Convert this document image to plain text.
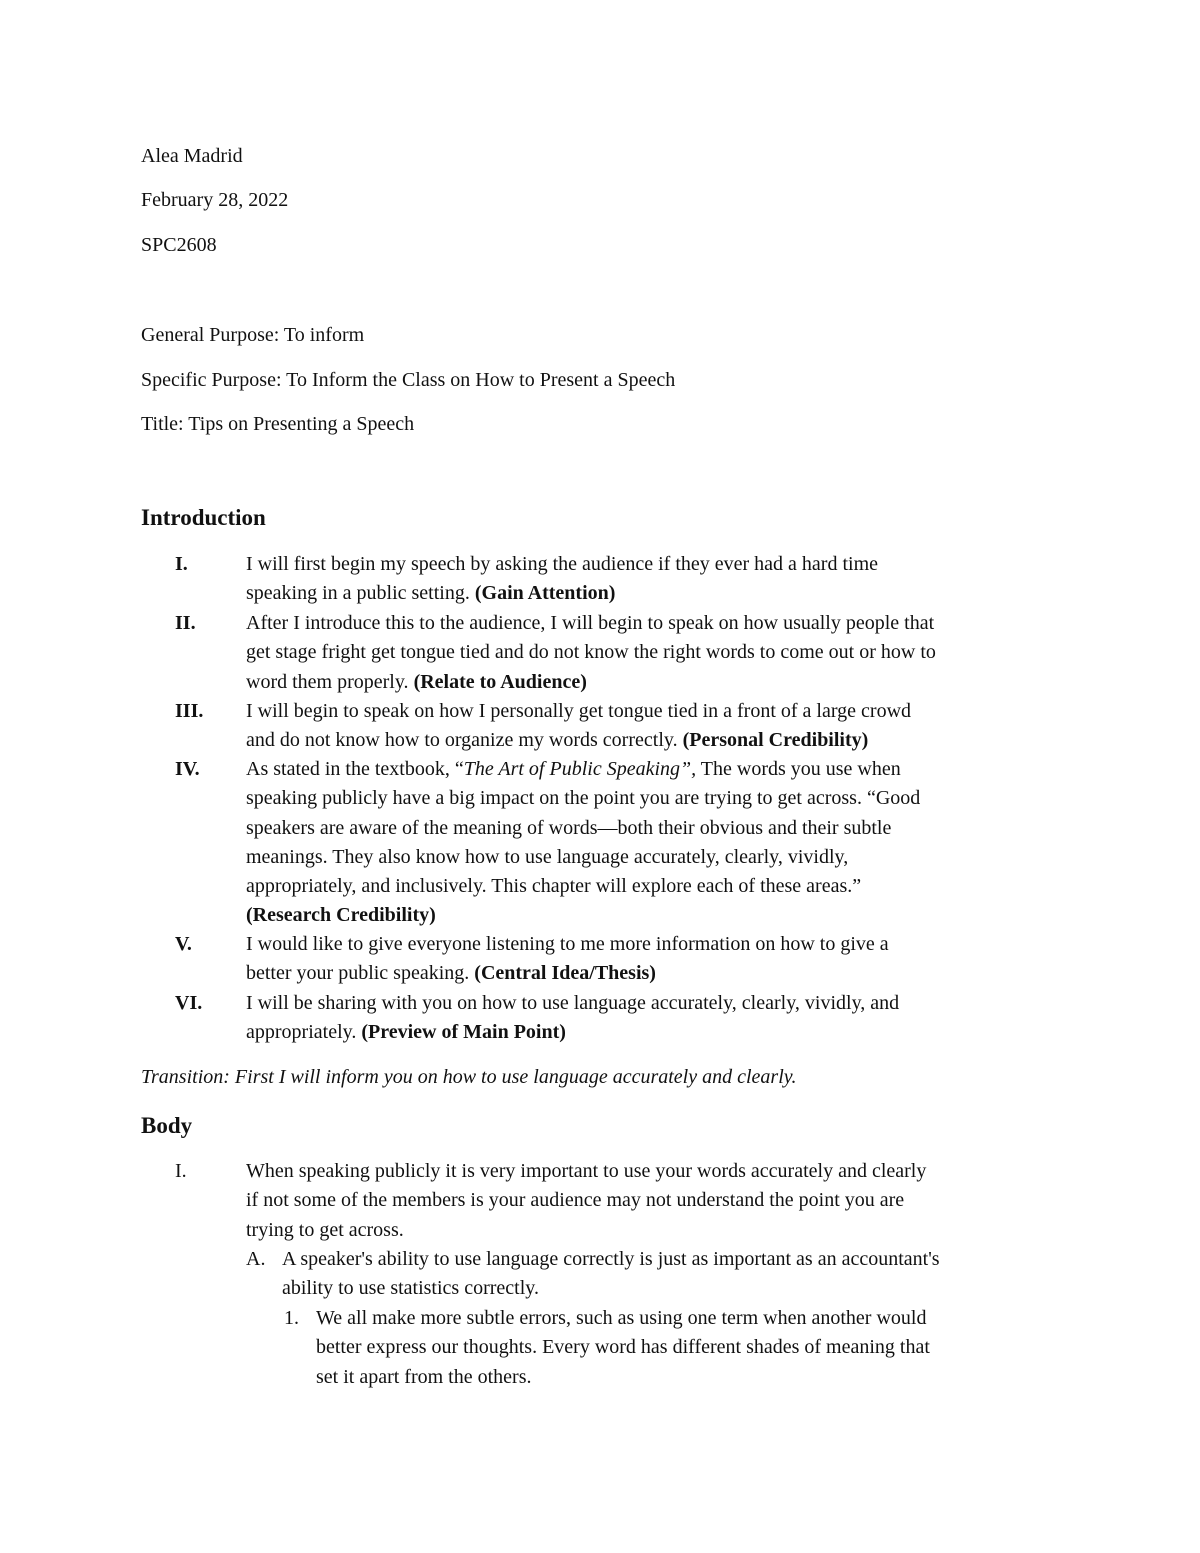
Alea Madrid
February 28, 2022
SPC2608
General Purpose: To inform
Specific Purpose: To Inform the Class on How to Present a Speech
Title: Tips on Presenting a Speech
Introduction
I.	I will first begin my speech by asking the audience if they ever had a hard time
speaking in a public setting. (Gain Attention)
II.	After I introduce this to the audience, I will begin to speak on how usually people that
get stage fright get tongue tied and do not know the right words to come out or how to
word them properly. (Relate to Audience)
III. I will begin to speak on how I personally get tongue tied in a front of a large crowd
and do not know how to organize my words correctly. (Personal Credibility)
IV. As stated in the textbook, “The Art of Public Speaking”, The words you use when
speaking publicly have a big impact on the point you are trying to get across. “Good
speakers are aware of the meaning of words—both their obvious and their subtle
meanings. They also know how to use language accurately, clearly, vividly,
appropriately, and inclusively. This chapter will explore each of these areas.”
(Research Credibility)
V.	I would like to give everyone listening to me more information on how to give a
better your public speaking. (Central Idea/Thesis)
VI. I will be sharing with you on how to use language accurately, clearly, vividly, and
appropriately. (Preview of Main Point)
Transition: First I will inform you on how to use language accurately and clearly.
Body
I.	When speaking publicly it is very important to use your words accurately and clearly
if not some of the members is your audience may not understand the point you are
trying to get across.
A. A speaker's ability to use language correctly is just as important as an accountant's
ability to use statistics correctly.
1. We all make more subtle errors, such as using one term when another would
better express our thoughts. Every word has different shades of meaning that
set it apart from the others.
